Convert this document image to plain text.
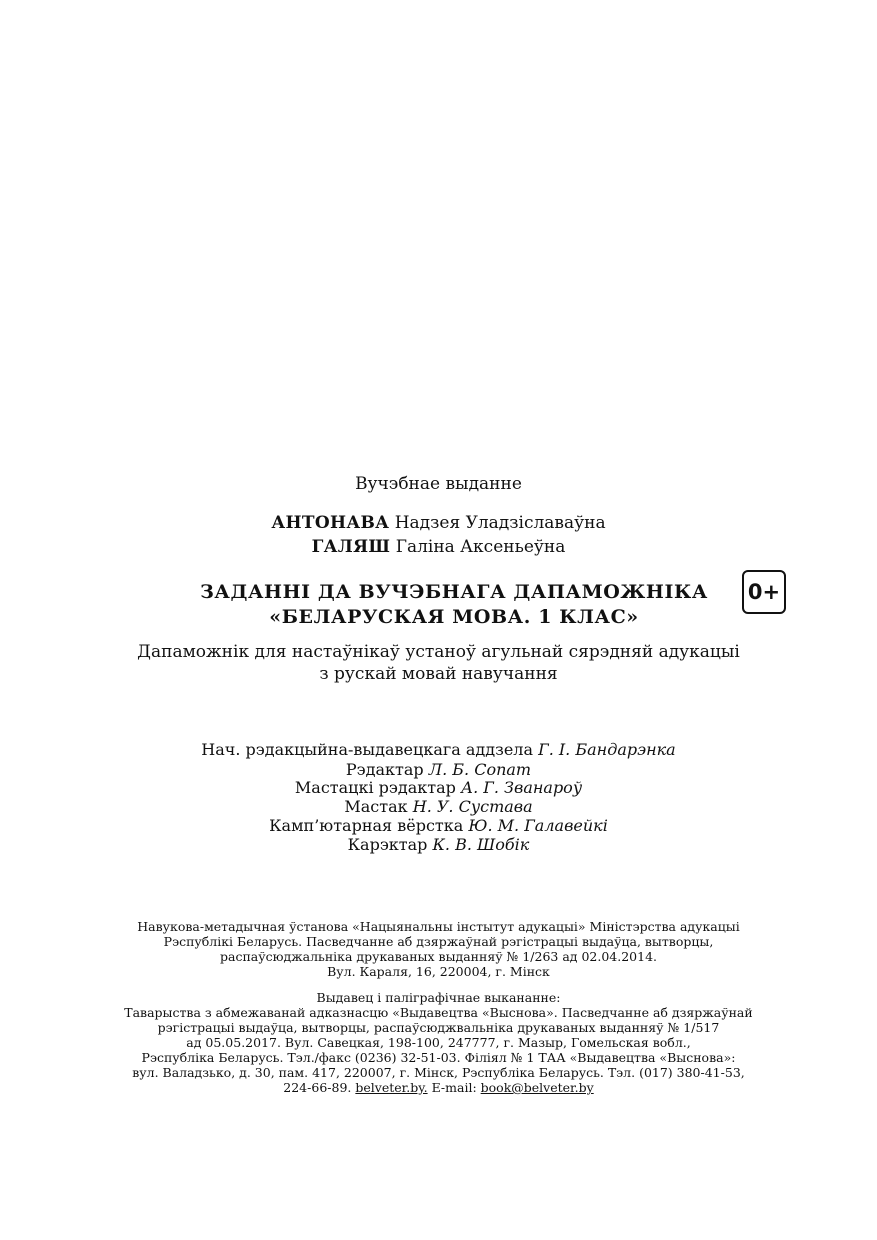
Вучэбнае выданне
АНТОНАВА Надзея Уладзіславаўна
ГАЛЯШ Галіна Аксеньеўна
ЗАДАННІ ДА ВУЧЭБНАГА ДАПАМОЖНІКА
«БЕЛАРУСКАЯ МОВА. 1 КЛАС»
0+
Дапаможнік для настаўнікаў устаноў агульнай сярэдняй адукацыі
з рускай мовай навучання
Нач. рэдакцыйна-выдавецкага аддзела Г. І. Бандарэнка
Рэдактар Л. Б. Сопат
Мастацкі рэдактар А. Г. Званароў
Мастак Н. У. Сустава
Камп’ютарная вёрстка Ю. М. Галавейкі
Карэктар К. В. Шобік
Навукова-метадычная ўстанова «Нацыянальны інстытут адукацыі» Міністэрства адукацыі
Рэспублікі Беларусь. Пасведчанне аб дзяржаўнай рэгістрацыі выдаўца, вытворцы,
распаўсюджальніка друкаваных выданняў № 1/263 ад 02.04.2014.
Вул. Караля, 16, 220004, г. Мінск
Выдавец і паліграфічнае выкананне:
Таварыства з абмежаванай адказнасцю «Выдавецтва «Выснова». Пасведчанне аб дзяржаўнай
рэгістрацыі выдаўца, вытворцы, распаўсюджвальніка друкаваных выданняў № 1/517
ад 05.05.2017. Вул. Савецкая, 198-100, 247777, г. Мазыр, Гомельская вобл.,
Рэспубліка Беларусь. Тэл./факс (0236) 32-51-03. Філіял № 1 ТАА «Выдавецтва «Выснова»:
вул. Валадзько, д. 30, пам. 417, 220007, г. Мінск, Рэспубліка Беларусь. Тэл. (017) 380-41-53,
224-66-89. belveter.by. E-mail: book@belveter.by
